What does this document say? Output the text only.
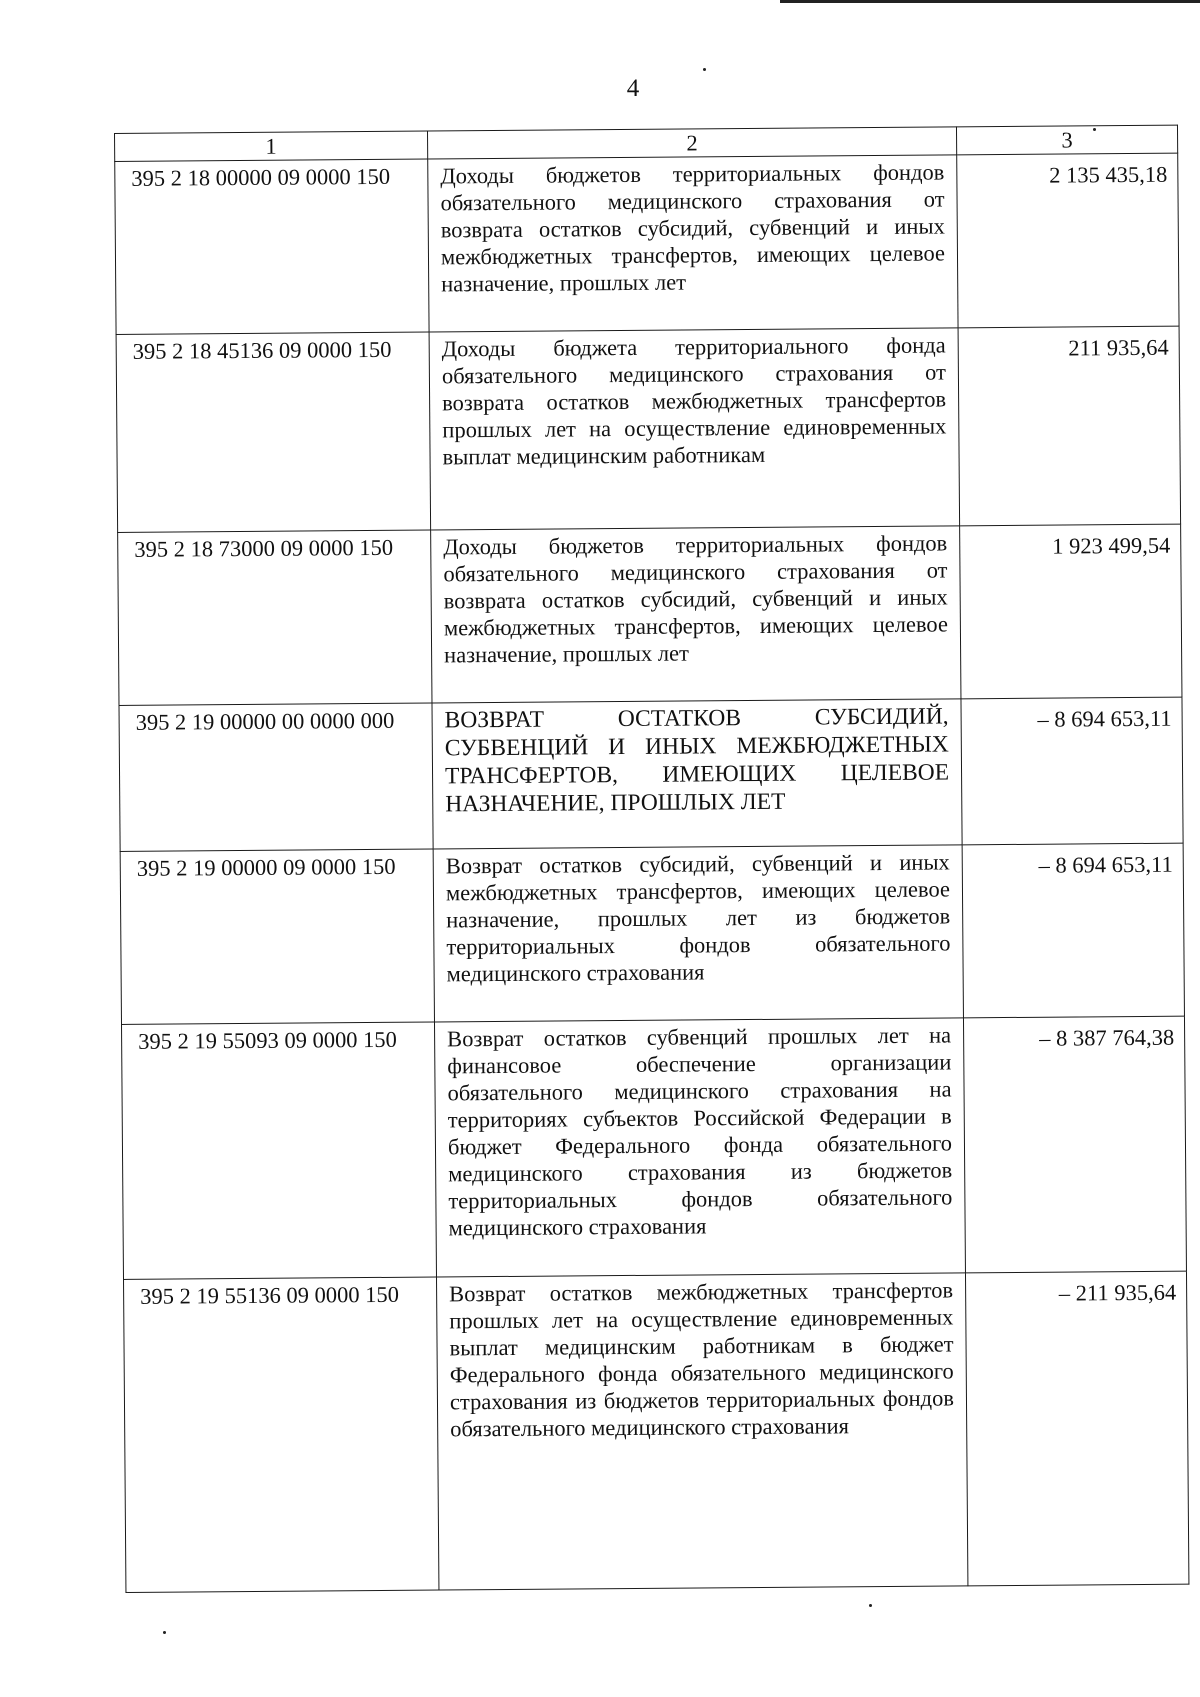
4
1	2	3
395 2 18 00000 09 0000 150	Доходы бюджетов территориальных фондов обязательного медицинского страхования от возврата остатков субсидий, субвенций и иных межбюджетных трансфертов, имеющих целевое назначение, прошлых лет	2 135 435,18
395 2 18 45136 09 0000 150	Доходы бюджета территориального фонда обязательного медицинского страхования от возврата остатков межбюджетных трансфертов прошлых лет на осуществление единовременных выплат медицинским работникам	211 935,64
395 2 18 73000 09 0000 150	Доходы бюджетов территориальных фондов обязательного медицинского страхования от возврата остатков субсидий, субвенций и иных межбюджетных трансфертов, имеющих целевое назначение, прошлых лет	1 923 499,54
395 2 19 00000 00 0000 000	ВОЗВРАТ ОСТАТКОВ СУБСИДИЙ, СУБВЕНЦИЙ И ИНЫХ МЕЖБЮДЖЕТНЫХ ТРАНСФЕРТОВ, ИМЕЮЩИХ ЦЕЛЕВОЕ НАЗНАЧЕНИЕ, ПРОШЛЫХ ЛЕТ	– 8 694 653,11
395 2 19 00000 09 0000 150	Возврат остатков субсидий, субвенций и иных межбюджетных трансфертов, имеющих целевое назначение, прошлых лет из бюджетов территориальных фондов обязательного медицинского страхования	– 8 694 653,11
395 2 19 55093 09 0000 150	Возврат остатков субвенций прошлых лет на финансовое обеспечение организации обязательного медицинского страхования на территориях субъектов Российской Федерации в бюджет Федерального фонда обязательного медицинского страхования из бюджетов территориальных фондов обязательного медицинского страхования	– 8 387 764,38
395 2 19 55136 09 0000 150	Возврат остатков межбюджетных трансфертов прошлых лет на осуществление единовременных выплат медицинским работникам в бюджет Федерального фонда обязательного медицинского страхования из бюджетов территориальных фондов обязательного медицинского страхования	– 211 935,64
